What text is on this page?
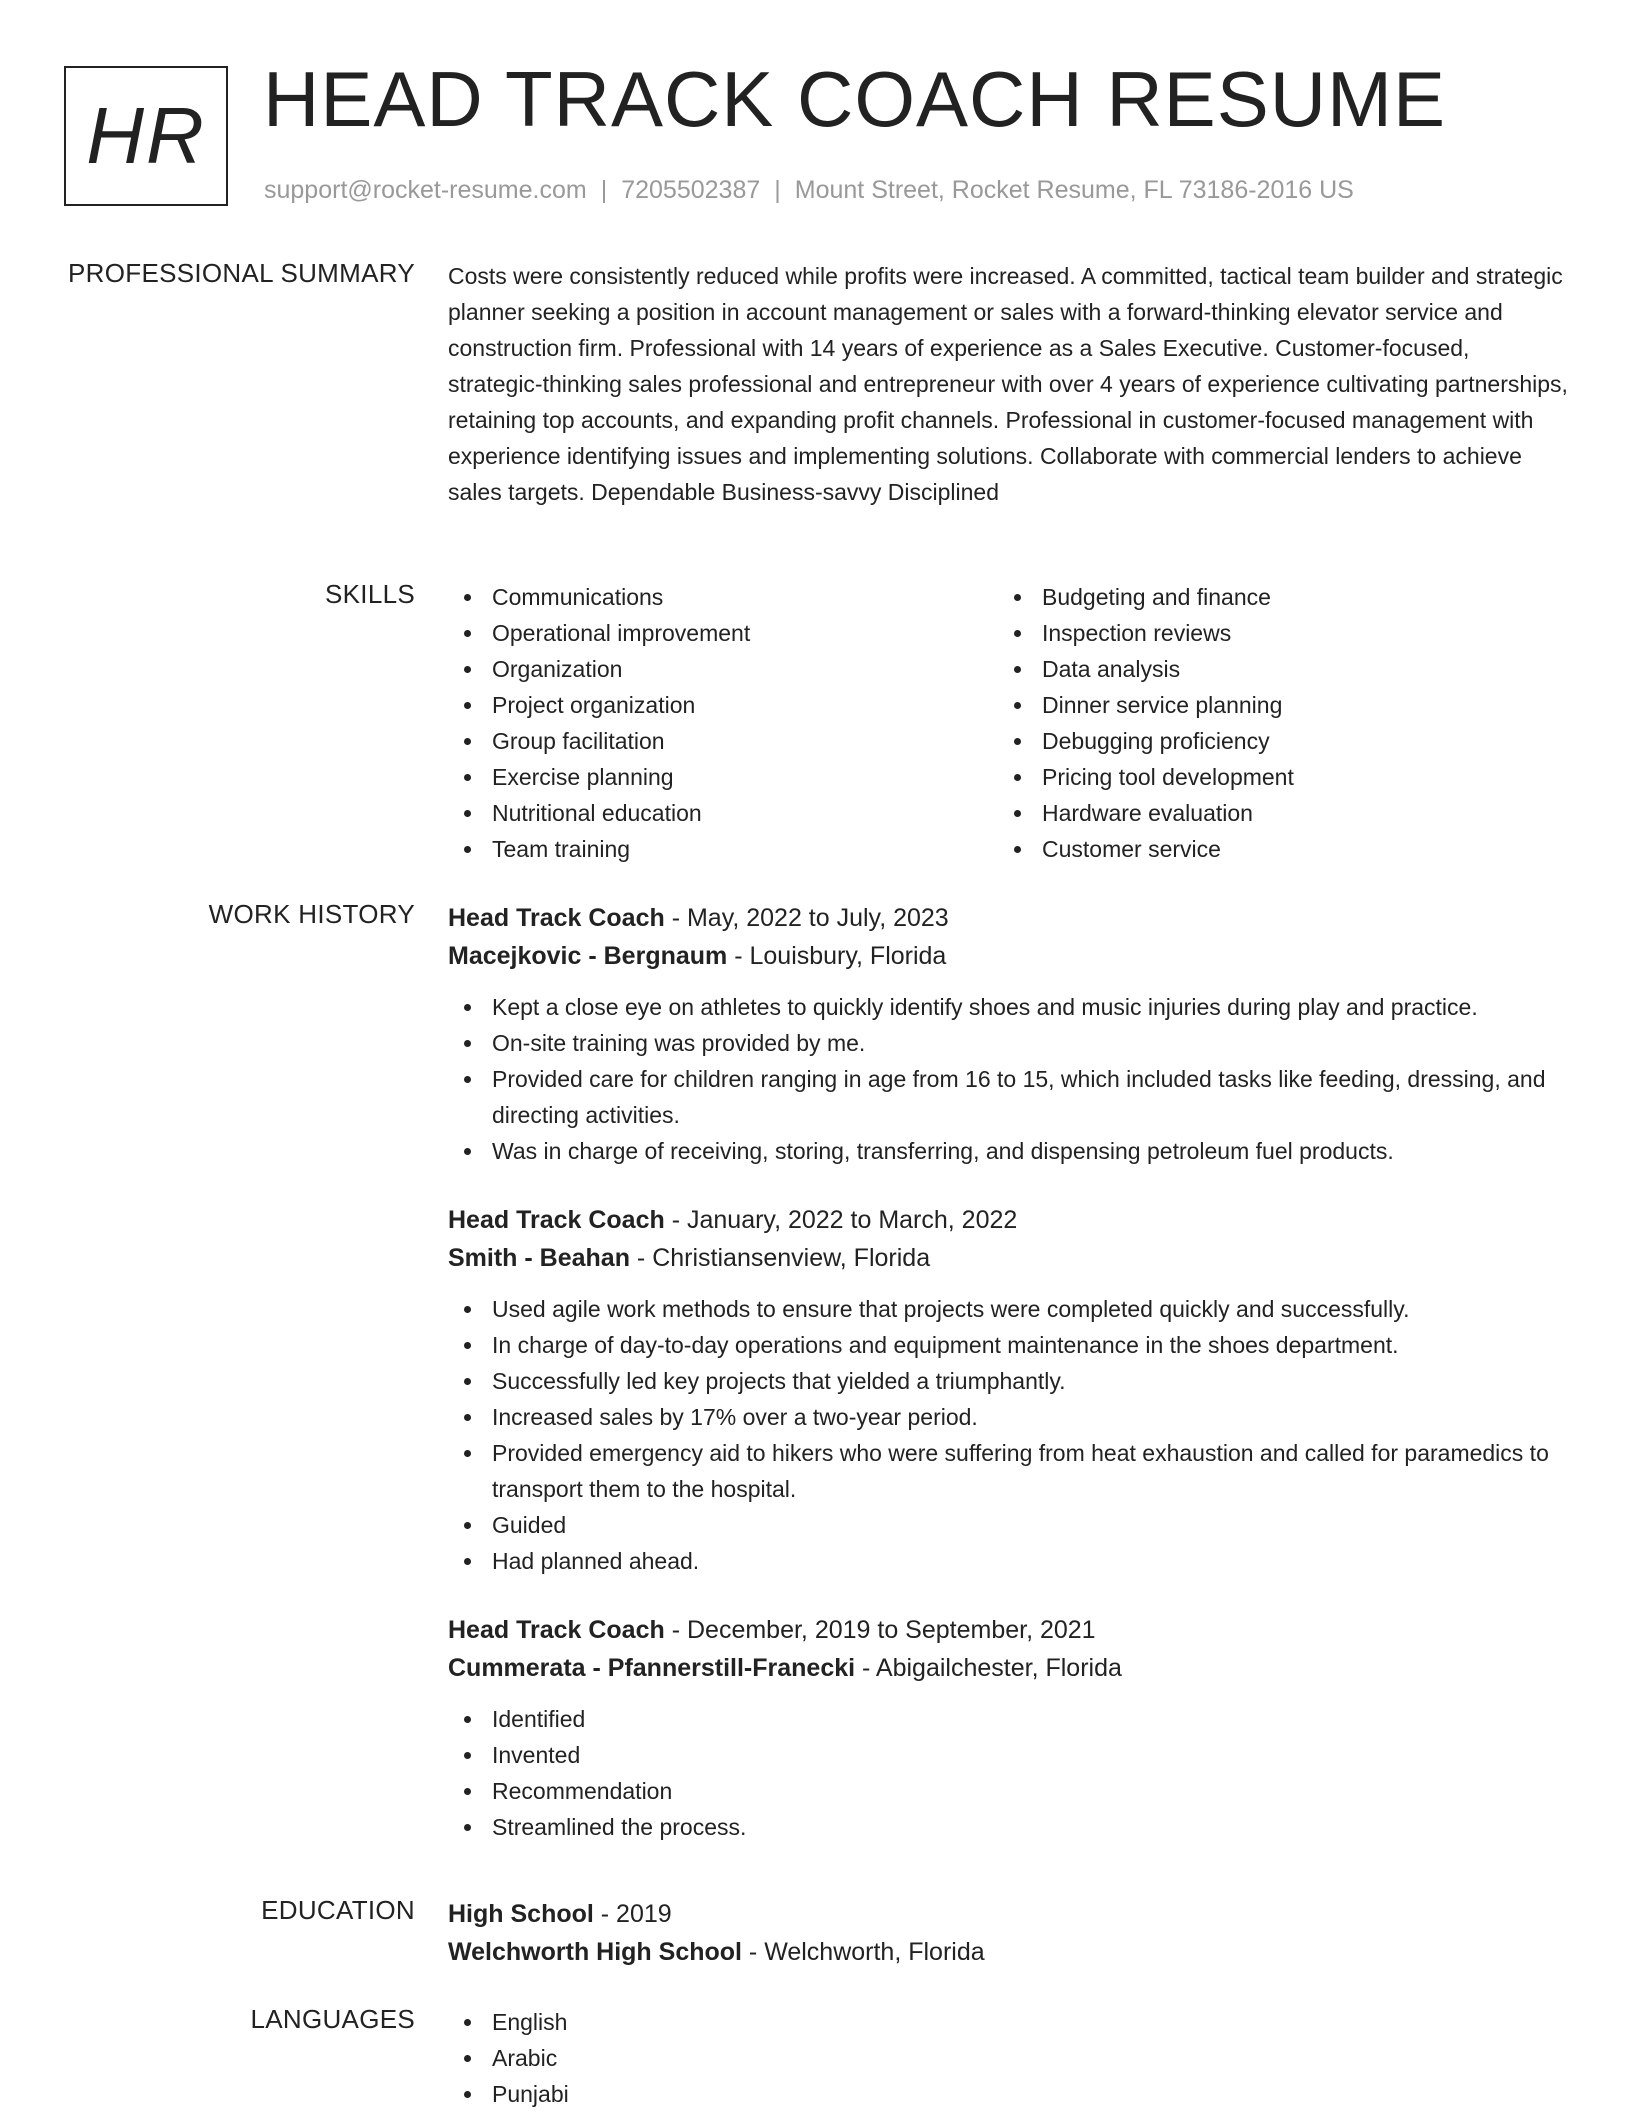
HR HEAD TRACK COACH RESUME
support@rocket-resume.com | 7205502387 | Mount Street, Rocket Resume, FL 73186-2016 US
PROFESSIONAL SUMMARY Costs were consistently reduced while profits were increased. A committed, tactical team builder and strategic planner seeking a position in account management or sales with a forward-thinking elevator service and construction firm. Professional with 14 years of experience as a Sales Executive. Customer-focused, strategic-thinking sales professional and entrepreneur with over 4 years of experience cultivating partnerships, retaining top accounts, and expanding profit channels. Professional in customer-focused management with experience identifying issues and implementing solutions. Collaborate with commercial lenders to achieve sales targets. Dependable Business-savvy Disciplined

SKILLS	Communications
Operational improvement
Organization
Project organization
Group facilitation
Exercise planning
Nutritional education
Team training
Budgeting and finance
Inspection reviews
Data analysis
Dinner service planning
Debugging proficiency
Pricing tool development
Hardware evaluation
Customer service
WORK HISTORY Head Track Coach - May, 2022 to July, 2023
Macejkovic - Bergnaum - Louisbury, Florida
Kept a close eye on athletes to quickly identify shoes and music injuries during play and practice.
On-site training was provided by me.
Provided care for children ranging in age from 16 to 15, which included tasks like feeding, dressing, and directing activities.
Was in charge of receiving, storing, transferring, and dispensing petroleum fuel products.
Head Track Coach - January, 2022 to March, 2022
Smith - Beahan - Christiansenview, Florida
Used agile work methods to ensure that projects were completed quickly and successfully.
In charge of day-to-day operations and equipment maintenance in the shoes department.
Successfully led key projects that yielded a triumphantly.
Increased sales by 17% over a two-year period.
Provided emergency aid to hikers who were suffering from heat exhaustion and called for paramedics to transport them to the hospital.
Guided
Had planned ahead.
Head Track Coach - December, 2019 to September, 2021
Cummerata - Pfannerstill-Franecki - Abigailchester, Florida
Identified
Invented
Recommendation
Streamlined the process.
EDUCATION High School - 2019
Welchworth High School - Welchworth, Florida
LANGUAGES	English
Arabic
Punjabi
